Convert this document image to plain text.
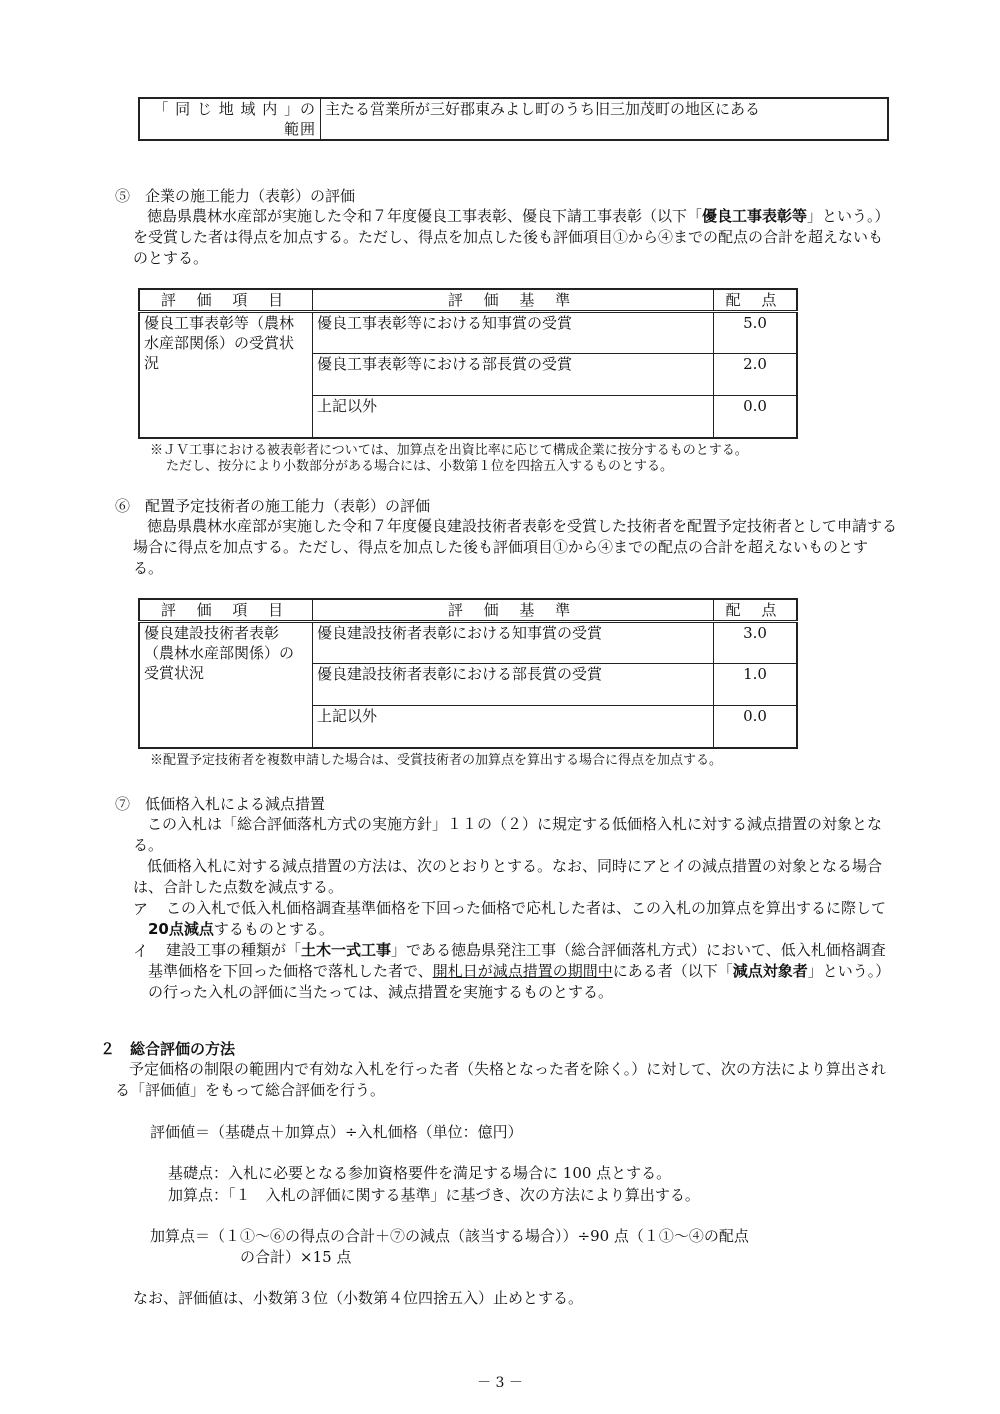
「 同 じ 地 域 内 」の範囲	主たる営業所が三好郡東みよし町のうち旧三加茂町の地区にある
⑤　企業の施工能力（表彰）の評価
徳島県農林水産部が実施した令和７年度優良工事表彰、優良下請工事表彰（以下「優良工事表彰等」という。）を受賞した者は得点を加点する。ただし、得点を加点した後も評価項目①から④までの配点の合計を超えないものとする。
評 価 項 目	評 価 基 準	配 点
優良工事表彰等（農林水産部関係）の受賞状況	優良工事表彰等における知事賞の受賞	5.0
	優良工事表彰等における部長賞の受賞	2.0
	上記以外	0.0
※ＪＶ工事における被表彰者については、加算点を出資比率に応じて構成企業に按分するものとする。
ただし、按分により小数部分がある場合には、小数第１位を四捨五入するものとする。
⑥　配置予定技術者の施工能力（表彰）の評価
徳島県農林水産部が実施した令和７年度優良建設技術者表彰を受賞した技術者を配置予定技術者として申請する場合に得点を加点する。ただし、得点を加点した後も評価項目①から④までの配点の合計を超えないものとする。
評 価 項 目	評 価 基 準	配 点
優良建設技術者表彰（農林水産部関係）の受賞状況	優良建設技術者表彰における知事賞の受賞	3.0
	優良建設技術者表彰における部長賞の受賞	1.0
	上記以外	0.0
※配置予定技術者を複数申請した場合は、受賞技術者の加算点を算出する場合に得点を加点する。
⑦　低価格入札による減点措置
この入札は「総合評価落札方式の実施方針」１１の（２）に規定する低価格入札に対する減点措置の対象となる。
低価格入札に対する減点措置の方法は、次のとおりとする。なお、同時にアとイの減点措置の対象となる場合は、合計した点数を減点する。
ア	この入札で低入札価格調査基準価格を下回った価格で応札した者は、この入札の加算点を算出するに際して20点減点するものとする。
イ	建設工事の種類が「土木一式工事」である徳島県発注工事（総合評価落札方式）において、低入札価格調査基準価格を下回った価格で落札した者で、開札日が減点措置の期間中にある者（以下「減点対象者」という。）の行った入札の評価に当たっては、減点措置を実施するものとする。
２　総合評価の方法
予定価格の制限の範囲内で有効な入札を行った者（失格となった者を除く。）に対して、次の方法により算出される「評価値」をもって総合評価を行う。
評価値＝（基礎点＋加算点）÷入札価格（単位：億円）
基礎点：入札に必要となる参加資格要件を満足する場合に 100 点とする。
加算点：「１　入札の評価に関する基準」に基づき、次の方法により算出する。
加算点＝（１①～⑥の得点の合計＋⑦の減点（該当する場合））÷90 点（１①～④の配点
の合計）×15 点
なお、評価値は、小数第３位（小数第４位四捨五入）止めとする。
－ 3 －
